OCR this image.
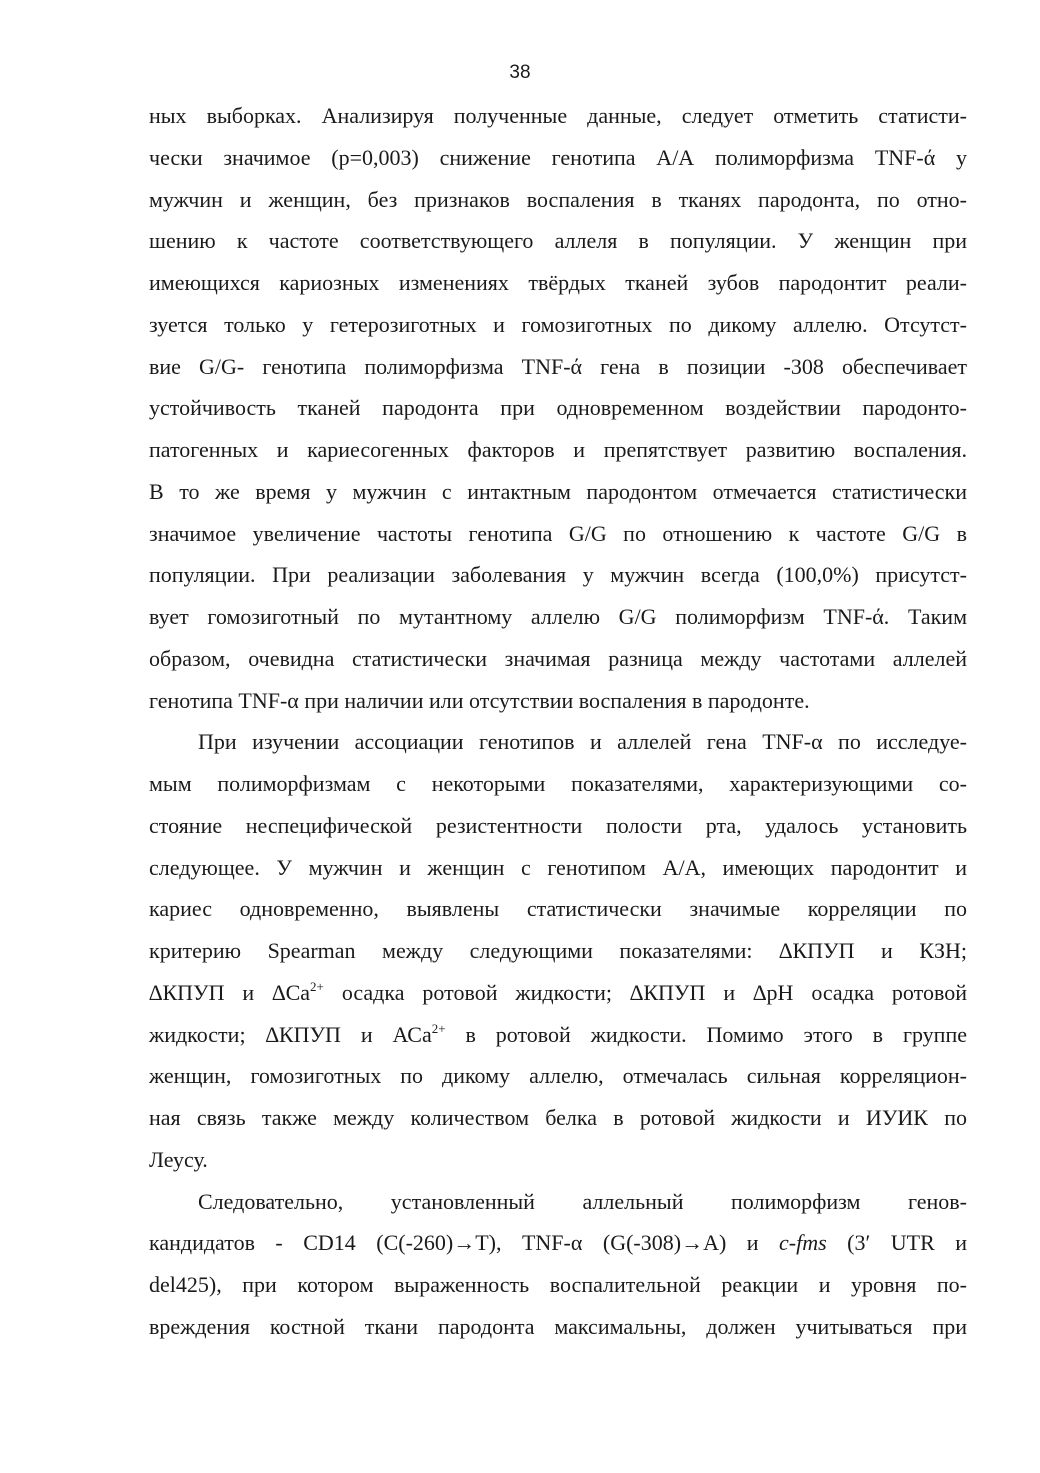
38
ных выборках. Анализируя полученные данные, следует отметить статисти-
чески значимое (р=0,003) снижение генотипа А/А полиморфизма TNF-ά у
мужчин и женщин, без признаков воспаления в тканях пародонта, по отно-
шению к частоте соответствующего аллеля в популяции. У женщин при
имеющихся кариозных изменениях твёрдых тканей зубов пародонтит реали-
зуется только у гетерозиготных и гомозиготных по дикому аллелю. Отсутст-
вие G/G- генотипа полиморфизма TNF-ά гена в позиции -308 обеспечивает
устойчивость тканей пародонта при одновременном воздействии пародонто-
патогенных и кариесогенных факторов и препятствует развитию воспаления.
В то же время у мужчин с интактным пародонтом отмечается статистически
значимое увеличение частоты генотипа G/G по отношению к частоте G/G в
популяции. При реализации заболевания у мужчин всегда (100,0%) присутст-
вует гомозиготный по мутантному аллелю G/G полиморфизм TNF-ά. Таким
образом, очевидна статистически значимая разница между частотами аллелей
генотипа TNF-α при наличии или отсутствии воспаления в пародонте.
При изучении ассоциации генотипов и аллелей гена TNF-α по исследуе-
мым полиморфизмам с некоторыми показателями, характеризующими со-
стояние неспецифической резистентности полости рта, удалось установить
следующее. У мужчин и женщин с генотипом А/А, имеющих пародонтит и
кариес одновременно, выявлены статистически значимые корреляции по
критерию Spearman между следующими показателями: ∆КПУП и КЗН;
∆КПУП и $\Delta Са^{2+}$ осадка ротовой жидкости; ∆КПУП и ∆рН осадка ротовой
жидкости; ∆КПУП и АСа$^{2+}$ в ротовой жидкости. Помимо этого в группе
женщин, гомозиготных по дикому аллелю, отмечалась сильная корреляцион-
ная связь также между количеством белка в ротовой жидкости и ИУИК по
Леусу.
Следовательно, установленный аллельный полиморфизм генов-
кандидатов - CD14 (С(-260)→Т), TNF-α (G(-308)→А) и c-fms (3′ UTR и
del425), при котором выраженность воспалительной реакции и уровня по-
вреждения костной ткани пародонта максимальны, должен учитываться при
